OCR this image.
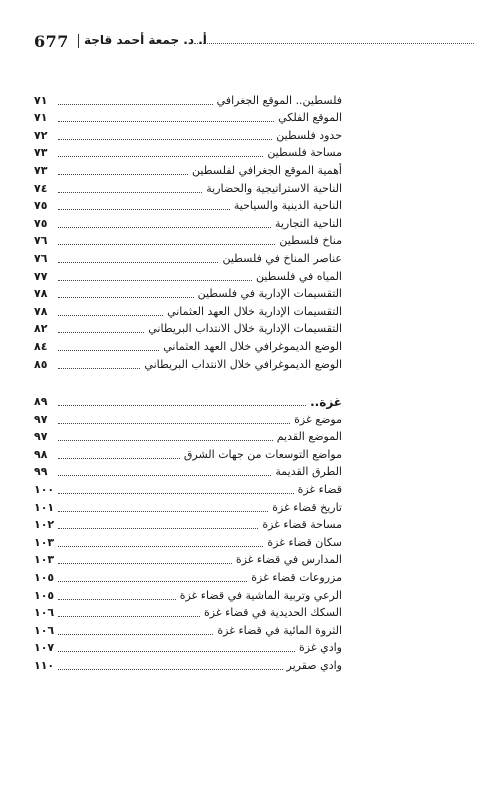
677 أ. د. جمعة أحمد قاجة
فلسطين.. الموقع الجغرافي
٧١
الموقع الفلكي
٧١
حدود فلسطين
٧٢
مساحة فلسطين
٧٣
أهمية الموقع الجغرافي لفلسطين
٧٣
الناحية الاستراتيجية والحضارية
٧٤
الناحية الدينية والسياحية
٧٥
الناحية التجارية
٧٥
مناخ فلسطين
٧٦
عناصر المناخ في فلسطين
٧٦
المياه في فلسطين
٧٧
التقسيمات الإدارية في فلسطين
٧٨
التقسيمات الإدارية خلال العهد العثماني
٧٨
التقسيمات الإدارية خلال الانتداب البريطاني
٨٢
الوضع الديموغرافي خلال العهد العثماني
٨٤
الوضع الديموغرافي خلال الانتداب البريطاني
٨٥
غزة..
٨٩
موضع غزة
٩٧
الموضع القديم
٩٧
مواضع التوسعات من جهات الشرق
٩٨
الطرق القديمة
٩٩
قضاء غزة
١٠٠
تاريخ قضاء غزة
١٠١
مساحة قضاء غزة
١٠٢
سكان قضاء غزة
١٠٣
المدارس في قضاء غزة
١٠٣
مزروعات قضاء غزة
١٠٥
الرعي وتربية الماشية في قضاء غزة
١٠٥
السكك الحديدية في قضاء غزة
١٠٦
الثروة المائية في قضاء غزة
١٠٦
وادي غزة
١٠٧
وادي صقرير
١١٠
